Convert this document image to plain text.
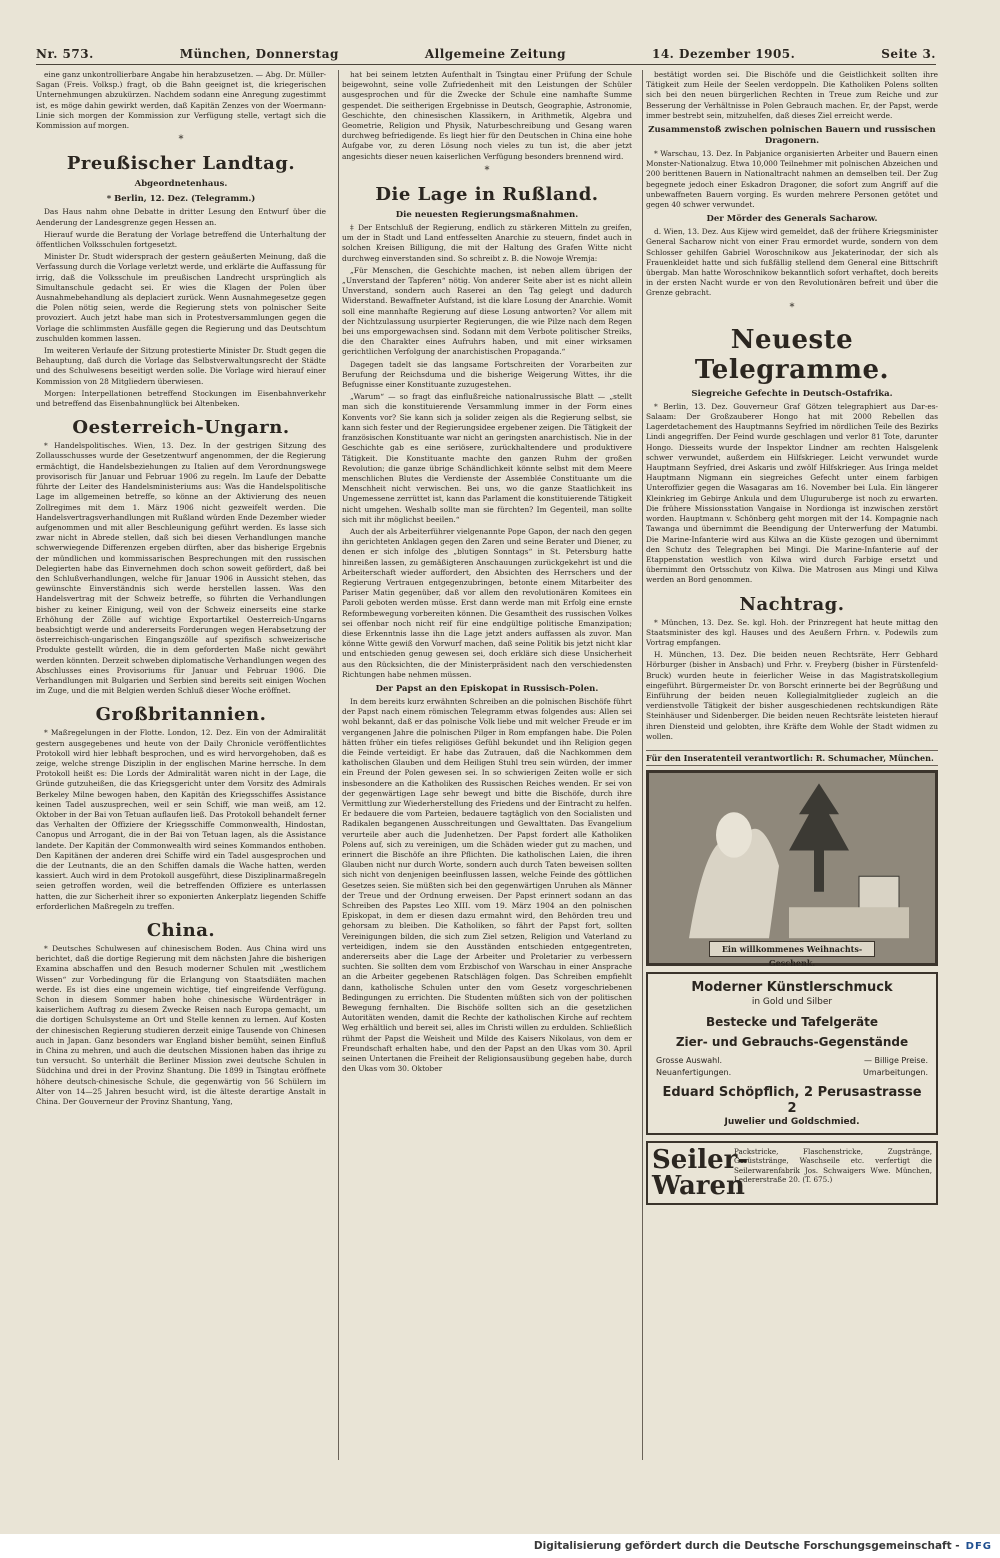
Nr. 573.	München, Donnerstag	Allgemeine Zeitung	14. Dezember 1905.	Seite 3.

eine ganz unkontrollierbare Angabe hin herabzusetzen. — Abg. Dr. Müller-Sagan (Freis. Volksp.) fragt, ob die Bahn geeignet ist, die kriegerischen Unternehmungen abzukürzen. Nachdem sodann eine Anregung zugestimmt ist, es möge dahin gewirkt werden, daß Kapitän Zenzes von der Woermann-Linie sich morgen der Kommission zur Verfügung stelle, vertagt sich die Kommission auf morgen.

*
Preußischer Landtag.
Abgeordnetenhaus.
* Berlin, 12. Dez. (Telegramm.)

Das Haus nahm ohne Debatte in dritter Lesung den Entwurf über die Aenderung der Landesgrenze gegen Hessen an.

Hierauf wurde die Beratung der Vorlage betreffend die Unterhaltung der öffentlichen Volksschulen fortgesetzt.

Minister Dr. Studt widersprach der gestern geäußerten Meinung, daß die Verfassung durch die Vorlage verletzt werde, und erklärte die Auffassung für irrig, daß die Volksschule im preußischen Landrecht ursprünglich als Simultanschule gedacht sei. Er wies die Klagen der Polen über Ausnahmebehandlung als deplaciert zurück. Wenn Ausnahmegesetze gegen die Polen nötig seien, werde die Regierung stets von polnischer Seite provoziert. Auch jetzt habe man sich in Protestversammlungen gegen die Vorlage die schlimmsten Ausfälle gegen die Regierung und das Deutschtum zuschulden kommen lassen.

Im weiteren Verlaufe der Sitzung protestierte Minister Dr. Studt gegen die Behauptung, daß durch die Vorlage das Selbstverwaltungsrecht der Städte und des Schulwesens beseitigt werden solle. Die Vorlage wird hierauf einer Kommission von 28 Mitgliedern überwiesen.

Morgen: Interpellationen betreffend Stockungen im Eisenbahnverkehr und betreffend das Eisenbahnunglück bei Altenbeken.

Oesterreich-Ungarn.

* Handelspolitisches. Wien, 13. Dez. In der gestrigen Sitzung des Zollausschusses wurde der Gesetzentwurf angenommen, der die Regierung ermächtigt, die Handelsbeziehungen zu Italien auf dem Verordnungswege provisorisch für Januar und Februar 1906 zu regeln. Im Laufe der Debatte führte der Leiter des Handelsministeriums aus: Was die Handelspolitische Lage im allgemeinen betreffe, so könne an der Aktivierung des neuen Zollregimes mit dem 1. März 1906 nicht gezweifelt werden. Die Handelsvertragsverhandlungen mit Rußland würden Ende Dezember wieder aufgenommen und mit aller Beschleunigung geführt werden. Es lasse sich zwar nicht in Abrede stellen, daß sich bei diesen Verhandlungen manche schwerwiegende Differenzen ergeben dürften, aber das bisherige Ergebnis der mündlichen und kommissarischen Besprechungen mit den russischen Delegierten habe das Einvernehmen doch schon soweit gefördert, daß bei den Schlußverhandlungen, welche für Januar 1906 in Aussicht stehen, das gewünschte Einverständnis sich werde herstellen lassen. Was den Handelsvertrag mit der Schweiz betreffe, so führten die Verhandlungen bisher zu keiner Einigung, weil von der Schweiz einerseits eine starke Erhöhung der Zölle auf wichtige Exportartikel Oesterreich-Ungarns beabsichtigt werde und andererseits Forderungen wegen Herabsetzung der österreichisch-ungarischen Eingangszölle auf spezifisch schweizerische Produkte gestellt würden, die in dem geforderten Maße nicht gewährt werden könnten. Derzeit schweben diplomatische Verhandlungen wegen des Abschlusses eines Provisoriums für Januar und Februar 1906. Die Verhandlungen mit Bulgarien und Serbien sind bereits seit einigen Wochen im Zuge, und die mit Belgien werden Schluß dieser Woche eröffnet.

Großbritannien.

* Maßregelungen in der Flotte. London, 12. Dez. Ein von der Admiralität gestern ausgegebenes und heute von der Daily Chronicle veröffentlichtes Protokoll wird hier lebhaft besprochen, und es wird hervorgehoben, daß es zeige, welche strenge Disziplin in der englischen Marine herrsche. In dem Protokoll heißt es: Die Lords der Admiralität waren nicht in der Lage, die Gründe gutzuheißen, die das Kriegsgericht unter dem Vorsitz des Admirals Berkeley Milne bewogen haben, den Kapitän des Kriegsschiffes Assistance keinen Tadel auszusprechen, weil er sein Schiff, wie man weiß, am 12. Oktober in der Bai von Tetuan auflaufen ließ. Das Protokoll behandelt ferner das Verhalten der Offiziere der Kriegsschiffe Commonwealth, Hindostan, Canopus und Arrogant, die in der Bai von Tetuan lagen, als die Assistance landete. Der Kapitän der Commonwealth wird seines Kommandos enthoben. Den Kapitänen der anderen drei Schiffe wird ein Tadel ausgesprochen und die der Leutnants, die an den Schiffen damals die Wache hatten, werden kassiert. Auch wird in dem Protokoll ausgeführt, diese Disziplinarmaßregeln seien getroffen worden, weil die betreffenden Offiziere es unterlassen hatten, die zur Sicherheit ihrer so exponierten Ankerplatz liegenden Schiffe erforderlichen Maßregeln zu treffen.

China.

* Deutsches Schulwesen auf chinesischem Boden. Aus China wird uns berichtet, daß die dortige Regierung mit dem nächsten Jahre die bisherigen Examina abschaffen und den Besuch moderner Schulen mit „westlichem Wissen“ zur Vorbedingung für die Erlangung von Staatsdiäten machen werde. Es ist dies eine ungemein wichtige, tief eingreifende Verfügung. Schon in diesem Sommer haben hohe chinesische Würdenträger in kaiserlichem Auftrag zu diesem Zwecke Reisen nach Europa gemacht, um die dortigen Schulsysteme an Ort und Stelle kennen zu lernen. Auf Kosten der chinesischen Regierung studieren derzeit einige Tausende von Chinesen auch in Japan. Ganz besonders war England bisher bemüht, seinen Einfluß in China zu mehren, und auch die deutschen Missionen haben das ihrige zu tun versucht. So unterhält die Berliner Mission zwei deutsche Schulen in Südchina und drei in der Provinz Shantung. Die 1899 in Tsingtau eröffnete höhere deutsch-chinesische Schule, die gegenwärtig von 56 Schülern im Alter von 14—25 Jahren besucht wird, ist die älteste derartige Anstalt in China. Der Gouverneur der Provinz Shantung, Yang,

hat bei seinem letzten Aufenthalt in Tsingtau einer Prüfung der Schule beigewohnt, seine volle Zufriedenheit mit den Leistungen der Schüler ausgesprochen und für die Zwecke der Schule eine namhafte Summe gespendet. Die seitherigen Ergebnisse in Deutsch, Geographie, Astronomie, Geschichte, den chinesischen Klassikern, in Arithmetik, Algebra und Geometrie, Religion und Physik, Naturbeschreibung und Gesang waren durchweg befriedigende. Es liegt hier für den Deutschen in China eine hohe Aufgabe vor, zu deren Lösung noch vieles zu tun ist, die aber jetzt angesichts dieser neuen kaiserlichen Verfügung besonders brennend wird.

*
Die Lage in Rußland.
Die neuesten Regierungsmaßnahmen.

‡ Der Entschluß der Regierung, endlich zu stärkeren Mitteln zu greifen, um der in Stadt und Land entfesselten Anarchie zu steuern, findet auch in solchen Kreisen Billigung, die mit der Haltung des Grafen Witte nicht durchweg einverstanden sind. So schreibt z. B. die Nowoje Wremja:

„Für Menschen, die Geschichte machen, ist neben allem übrigen der „Unverstand der Tapferen“ nötig. Von anderer Seite aber ist es nicht allein Unverstand, sondern auch Raserei an den Tag gelegt und dadurch Widerstand. Bewaffneter Aufstand, ist die klare Losung der Anarchie. Womit soll eine mannhafte Regierung auf diese Losung antworten? Vor allem mit der Nichtzulassung usurpierter Regierungen, die wie Pilze nach dem Regen bei uns emporgewachsen sind. Sodann mit dem Verbote politischer Streiks, die den Charakter eines Aufruhrs haben, und mit einer wirksamen gerichtlichen Verfolgung der anarchistischen Propaganda.“

Dagegen tadelt sie das langsame Fortschreiten der Vorarbeiten zur Berufung der Reichsduma und die bisherige Weigerung Wittes, ihr die Befugnisse einer Konstituante zuzugestehen.

„Warum“ — so fragt das einflußreiche nationalrussische Blatt — „stellt man sich die konstituierende Versammlung immer in der Form eines Konvents vor? Sie kann sich ja solider zeigen als die Regierung selbst, sie kann sich fester und der Regierungsidee ergebener zeigen. Die Tätigkeit der französischen Konstituante war nicht an geringsten anarchistisch. Nie in der Geschichte gab es eine seriösere, zurückhaltendere und produktivere Tätigkeit. Die Konstituante machte den ganzen Ruhm der großen Revolution; die ganze übrige Schändlichkeit könnte selbst mit dem Meere menschlichen Blutes die Verdienste der Assemblée Constituante um die Menschheit nicht verwischen. Bei uns, wo die ganze Staatlichkeit ins Ungemessene zerrüttet ist, kann das Parlament die konstituierende Tätigkeit nicht umgehen. Weshalb sollte man sie fürchten? Im Gegenteil, man sollte sich mit ihr möglichst beeilen.“

Auch der als Arbeiterführer vielgenannte Pope Gapon, der nach den gegen ihn gerichteten Anklagen gegen den Zaren und seine Berater und Diener, zu denen er sich infolge des „blutigen Sonntags“ in St. Petersburg hatte hinreißen lassen, zu gemäßigteren Anschauungen zurückgekehrt ist und die Arbeiterschaft wieder auffordert, den Absichten des Herrschers und der Regierung Vertrauen entgegenzubringen, betonte einem Mitarbeiter des Pariser Matin gegenüber, daß vor allem den revolutionären Komitees ein Paroli geboten werden müsse. Erst dann werde man mit Erfolg eine ernste Reformbewegung vorbereiten können. Die Gesamtheit des russischen Volkes sei offenbar noch nicht reif für eine endgültige politische Emanzipation; diese Erkenntnis lasse ihn die Lage jetzt anders auffassen als zuvor. Man könne Witte gewiß den Vorwurf machen, daß seine Politik bis jetzt nicht klar und entschieden genug gewesen sei, doch erkläre sich diese Unsicherheit aus den Rücksichten, die der Ministerpräsident nach den verschiedensten Richtungen habe nehmen müssen.

Der Papst an den Episkopat in Russisch-Polen.

In dem bereits kurz erwähnten Schreiben an die polnischen Bischöfe führt der Papst nach einem römischen Telegramm etwas folgendes aus: Allen sei wohl bekannt, daß er das polnische Volk liebe und mit welcher Freude er im vergangenen Jahre die polnischen Pilger in Rom empfangen habe. Die Polen hätten früher ein tiefes religiöses Gefühl bekundet und ihn Religion gegen die Feinde verteidigt. Er habe das Zutrauen, daß die Nachkommen dem katholischen Glauben und dem Heiligen Stuhl treu sein würden, der immer ein Freund der Polen gewesen sei. In so schwierigen Zeiten wolle er sich insbesondere an die Katholiken des Russischen Reiches wenden. Er sei von der gegenwärtigen Lage sehr bewegt und bitte die Bischöfe, durch ihre Vermittlung zur Wiederherstellung des Friedens und der Eintracht zu helfen. Er bedauere die vom Parteien, bedauere tagtäglich von den Socialisten und Radikalen begangenen Ausschreitungen und Gewalttaten. Das Evangelium verurteile aber auch die Judenhetzen. Der Papst fordert alle Katholiken Polens auf, sich zu vereinigen, um die Schäden wieder gut zu machen, und erinnert die Bischöfe an ihre Pflichten. Die katholischen Laien, die ihren Glauben nicht nur durch Worte, sondern auch durch Taten beweisen sollten sich nicht von denjenigen beeinflussen lassen, welche Feinde des göttlichen Gesetzes seien. Sie müßten sich bei den gegenwärtigen Unruhen als Männer der Treue und der Ordnung erweisen. Der Papst erinnert sodann an das Schreiben des Papstes Leo XIII. vom 19. März 1904 an den polnischen Episkopat, in dem er diesen dazu ermahnt wird, den Behörden treu und gehorsam zu bleiben. Die Katholiken, so fährt der Papst fort, sollten Vereinigungen bilden, die sich zum Ziel setzen, Religion und Vaterland zu verteidigen, indem sie den Ausständen entschieden entgegentreten, andererseits aber die Lage der Arbeiter und Proletarier zu verbessern suchten. Sie sollten dem vom Erzbischof von Warschau in einer Ansprache an die Arbeiter gegebenen Ratschlägen folgen. Das Schreiben empfiehlt dann, katholische Schulen unter den vom Gesetz vorgeschriebenen Bedingungen zu errichten. Die Studenten müßten sich von der politischen Bewegung fernhalten. Die Bischöfe sollten sich an die gesetzlichen Autoritäten wenden, damit die Rechte der katholischen Kirche auf rechtem Weg erhältlich und bereit sei, alles im Christi willen zu erdulden. Schließlich rühmt der Papst die Weisheit und Milde des Kaisers Nikolaus, von dem er Freundschaft erhalten habe, und den der Papst an den Ukas vom 30. April seinen Untertanen die Freiheit der Religionsausübung gegeben habe, durch den Ukas vom 30. Oktober

bestätigt worden sei. Die Bischöfe und die Geistlichkeit sollten ihre Tätigkeit zum Heile der Seelen verdoppeln. Die Katholiken Polens sollten sich bei den neuen bürgerlichen Rechten in Treue zum Reiche und zur Besserung der Verhältnisse in Polen Gebrauch machen. Er, der Papst, werde immer bestrebt sein, mitzuhelfen, daß dieses Ziel erreicht werde.

Zusammenstoß zwischen polnischen Bauern und russischen Dragonern.

* Warschau, 13. Dez. In Pabjanice organisierten Arbeiter und Bauern einen Monster-Nationalzug. Etwa 10,000 Teilnehmer mit polnischen Abzeichen und 200 berittenen Bauern in Nationaltracht nahmen an demselben teil. Der Zug begegnete jedoch einer Eskadron Dragoner, die sofort zum Angriff auf die unbewaffneten Bauern vorging. Es wurden mehrere Personen getötet und gegen 40 schwer verwundet.

Der Mörder des Generals Sacharow.

d. Wien, 13. Dez. Aus Kijew wird gemeldet, daß der frühere Kriegsminister General Sacharow nicht von einer Frau ermordet wurde, sondern von dem Schlosser gehilfen Gabriel Woroschnikow aus Jekaterinodar, der sich als Frauenkleidet hatte und sich fußfällig stellend dem General eine Bittschrift übergab. Man hatte Woroschnikow bekanntlich sofort verhaftet, doch bereits in der ersten Nacht wurde er von den Revolutionären befreit und über die Grenze gebracht.

*
Neueste Telegramme.
Siegreiche Gefechte in Deutsch-Ostafrika.

* Berlin, 13. Dez. Gouverneur Graf Götzen telegraphiert aus Dar-es-Salaam: Der Großzauberer Hongo hat mit 2000 Rebellen das Lagerdetachement des Hauptmanns Seyfried im nördlichen Teile des Bezirks Lindi angegriffen. Der Feind wurde geschlagen und verlor 81 Tote, darunter Hongo. Diesseits wurde der Inspektor Lindner am rechten Halsgelenk schwer verwundet, außerdem ein Hilfskrieger. Leicht verwundet wurde Hauptmann Seyfried, drei Askaris und zwölf Hilfskrieger. Aus Iringa meldet Hauptmann Nigmann ein siegreiches Gefecht unter einem farbigen Unteroffizier gegen die Wasagaras am 16. November bei Lula. Ein längerer Kleinkrieg im Gebirge Ankula und dem Uluguruberge ist noch zu erwarten. Die frühere Missionsstation Vangaise in Nordionga ist inzwischen zerstört worden. Hauptmann v. Schönberg geht morgen mit der 14. Kompagnie nach Tawanga und übernimmt die Beendigung der Unterwerfung der Matumbi. Die Marine-Infanterie wird aus Kilwa an die Küste gezogen und übernimmt den Schutz des Telegraphen bei Mingi. Die Marine-Infanterie auf der Etappenstation westlich von Kilwa wird durch Farbige ersetzt und übernimmt den Ortsschutz von Kilwa. Die Matrosen aus Mingi und Kilwa werden an Bord genommen.

Nachtrag.

* München, 13. Dez. Se. kgl. Hoh. der Prinzregent hat heute mittag den Staatsminister des kgl. Hauses und des Aeußern Frhrn. v. Podewils zum Vortrag empfangen.

H. München, 13. Dez. Die beiden neuen Rechtsräte, Herr Gebhard Hörburger (bisher in Ansbach) und Frhr. v. Freyberg (bisher in Fürstenfeld-Bruck) wurden heute in feierlicher Weise in das Magistratskollegium eingeführt. Bürgermeister Dr. von Borscht erinnerte bei der Begrüßung und Einführung der beiden neuen Kollegialmitglieder zugleich an die verdienstvolle Tätigkeit der bisher ausgeschiedenen rechtskundigen Räte Steinhäuser und Sidenberger. Die beiden neuen Rechtsräte leisteten hierauf ihren Diensteid und gelobten, ihre Kräfte dem Wohle der Stadt widmen zu wollen.

Für den Inseratenteil verantwortlich: R. Schumacher, München.
Ein willkommenes Weihnachts-Geschenk.
Moderner Künstlerschmuck
in Gold und Silber
Bestecke und Tafelgeräte
Zier- und Gebrauchs-Gegenstände
Grosse Auswahl.	— Billige Preise.
Neuanfertigungen.	Umarbeitungen.
Eduard Schöpflich, 2 Perusastrasse 2
Juwelier und Goldschmied.
Seiler-
Waren
Packstricke, Flaschenstricke, Zugstränge, Gerüststränge, Waschseile etc. verfertigt die Seilerwarenfabrik Jos. Schwaigers Wwe. München, Ledererstraße 20. (T. 675.)
Digitalisierung gefördert durch die Deutsche Forschungsgemeinschaft - DFG
